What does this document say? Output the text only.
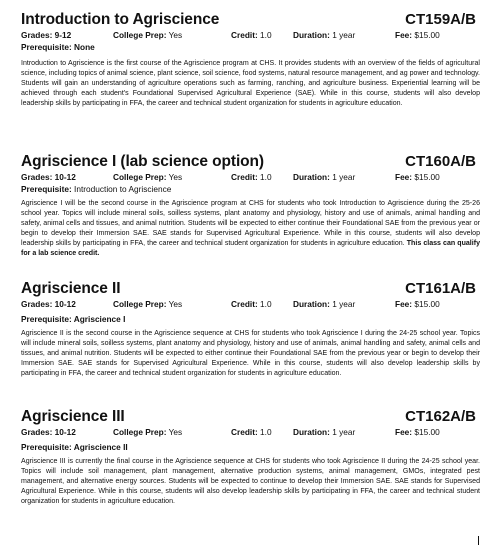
Introduction to Agriscience	CT159A/B
Grades: 9-12	College Prep: Yes	Credit: 1.0	Duration: 1 year	Fee: $15.00
Prerequisite: None

Introduction to Agriscience is the first course of the Agriscience program at CHS. It provides students with an overview of the fields of agricultural science, including topics of animal science, plant science, soil science, food systems, natural resource management, and ag power and technology. Students will gain an understanding of agriculture operations such as farming, ranching, and agriculture business. Experiential learning will be achieved through each student's Foundational Supervised Agricultural Experience (SAE). While in this course, students will also develop leadership skills by participating in FFA, the career and technical student organization for students in agriculture education.

Agriscience I (lab science option)	CT160A/B
Grades: 10-12	College Prep: Yes	Credit: 1.0	Duration: 1 year	Fee: $15.00
Prerequisite: Introduction to Agriscience

Agriscience I will be the second course in the Agriscience program at CHS for students who took Introduction to Agriscience during the 25-26 school year. Topics will include mineral soils, soilless systems, plant anatomy and physiology, history and use of animals, animal handling and safety, animal cells and tissues, and animal nutrition. Students will be expected to either continue their Foundational SAE from the previous year or begin to develop their Immersion SAE. SAE stands for Supervised Agricultural Experience. While in this course, students will also develop leadership skills by participating in FFA, the career and technical student organization for students in agriculture education. This class can qualify for a lab science credit.

Agriscience II	CT161A/B
Grades: 10-12	College Prep: Yes	Credit: 1.0	Duration: 1 year	Fee: $15.00
Prerequisite: Agriscience I

Agriscience II is the second course in the Agriscience sequence at CHS for students who took Agriscience I during the 24-25 school year. Topics will include mineral soils, soilless systems, plant anatomy and physiology, history and use of animals, animal handling and safety, animal cells and tissues, and animal nutrition. Students will be expected to either continue their Foundational SAE from the previous year or begin to develop their Immersion SAE. SAE stands for Supervised Agricultural Experience. While in this course, students will also develop leadership skills by participating in FFA, the career and technical student organization for students in agriculture education.

Agriscience III	CT162A/B
Grades: 10-12	College Prep: Yes	Credit: 1.0	Duration: 1 year	Fee: $15.00
Prerequisite: Agriscience II

Agriscience III is currently the final course in the Agriscience sequence at CHS for students who took Agriscience II during the 24-25 school year. Topics will include soil management, plant management, alternative production systems, animal management, GMOs, integrated pest management, and alternative energy sources. Students will be expected to continue to develop their Immersion SAE. SAE stands for Supervised Agricultural Experience. While in this course, students will also develop leadership skills by participating in FFA, the career and technical student organization for students in agriculture education.
